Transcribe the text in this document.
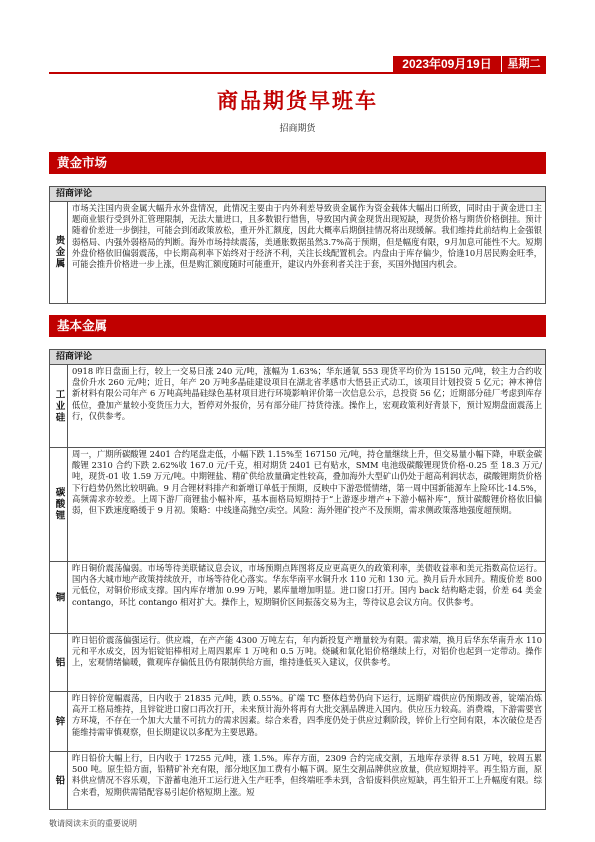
2023年09月19日	星期二
商品期货早班车
招商期货
黄金市场
招商评论
贵金属
市场关注国内贵金属大幅升水外盘情况，此情况主要由于内外利差导致贵金属作为资金载体大幅出口所致，同时由于黄金进口主题商业银行受到外汇管理限制，无法大量进口，且多数银行惜售，导致国内黄金现货出现短缺，现货价格与期货价格倒挂。预计随着价差进一步倒挂，可能会到闭政策放松，重开外汇额度，因此大概率后期倒挂情况将出现缓解。我们维持此前结构上金强银弱格局、内强外弱格局的判断。海外市场持续震荡，美通胀数据虽然3.7%高于预期，但是幅度有限，9月加息可能性不大。短期外盘价格依旧偏弱震荡，中长期高利率下始终对于经济不利，关注长线配置机会。内盘由于库存偏少，恰逢10月居民购金旺季，可能会推升价格进一步上涨，但是购汇额度随时可能重开，建议内外套利者关注于套，买国外抛国内机会。
基本金属
招商评论
工业硅
0918 昨日盘面上行，较上一交易日涨 240 元/吨，涨幅为 1.63%；华东通氧 553 现货平均价为 15150 元/吨，较主力合约收盘价升水 260 元/吨；近日，年产 20 万吨多晶硅建设项目在湖北省孝感市大悟县正式动工，该项目计划投资 5 亿元；神木神信新材料有限公司年产 6 万吨高纯晶硅绿色基材项目进行环境影响评价第一次信息公示，总投资 56 亿；近期部分硅厂考虑到库存低位，叠加产量较小变货压力大，暂停对外报价，另有部分硅厂持货待涨。操作上，宏观政策利好背景下，预计短期盘面震荡上行，仅供参考。
碳酸锂
周一，广期所碳酸锂 2401 合约尾盘走低，小幅下跌 1.15%至 167150 元/吨，持仓量继续上升，但交易量小幅下降，申联金碳酸锂 2310 合约下跌 2.62%收 167.0 元/千克，相对期货 2401 已有贴水，SMM 电池级碳酸锂现货价格-0.25 至 18.3 万元/吨，现货-01 收 1.59 万元/吨。中期锂盐、精矿供给放量确定性较高，叠加海外大型矿山仍处于超高利润状态，碳酸锂期货价格下行趋势仍然比较明确。9 月合锂材料排产和新增订单低于预期，反映中下游恐慌情绪，第一周中国新能源车上险环比-14.5%，高频需求亦较差。上周下游厂商锂盐小幅补库，基本面格局短期持于“上游逐步增产+下游小幅补库”，预计碳酸锂价格依旧偏弱，但下跌速度略缓于 9 月初。策略：中线逢高抛空/卖空。风险：海外锂矿投产不及预期，需求侧政策落地强度超预期。
铜
昨日铜价震荡偏弱。市场等待美联储议息会议，市场预期点阵图将反应更高更久的政策利率，美债收益率和美元指数高位运行。国内各大城市地产政策持续放开，市场等待化心落实。华东华南平水铜升水 110 元和 130 元。换月后升水回升。精废价差 800 元低位，对铜价形成支撑。国内库存增加 0.99 万吨，累库量增加明显。进口窗口打开。国内 back 结构略走弱，价差 64 美金 contango，环比 contango 相对扩大。操作上，短期铜价区间振荡交易为主，等待议息会议方向。仅供参考。
铝
昨日铝价震荡偏强运行。供应端，在产产能 4300 万吨左右，年内新投复产增量较为有限。需求端，换月后华东华南升水 110 元和平水成交，因为铝锭铝棒相对上周四累库 1 万吨和 0.5 万吨。烧碱和氧化铝价格继续上行，对铝价也起到一定带动。操作上，宏观情绪偏暖，微观库存偏低且仍有限制供给方面，维持逢低买入建议，仅供参考。
锌
昨日锌价宽幅震荡，日内收于 21835 元/吨，跌 0.55%。矿端 TC 整体趋势仍向下运行，远期矿端供应仍预期改善，锭端冶炼高开工格局维持，且锌锭进口窗口再次打开，未来预计海外将再有大批交割品牌进入国内。供应压力较高。消费端，下游需要官方环境，不存在一个加大大量不可抗力的需求因素。综合来看，四季度仍处于供应过剩阶段，锌价上行空间有限，本次破位是否能维持需审慎观察，但长期建议以多配为主要思路。
铅
昨日铅价大幅上行，日内收于 17255 元/吨，涨 1.5%。库存方面，2309 合约完成交割，五地库存录得 8.51 万吨，较周五累 500 吨。原生铅方面，铅精矿补充有限，部分地区加工费有小幅下调。原生交割品牌供应放量，供应短期持平。再生铅方面，原料供应情况不容乐观，下游蓄电池开工运行进入生产旺季，但终端旺季未到，含铅废料供应短缺，再生铅开工上升幅度有限。综合来看，短期供需错配容易引起价格短期上涨。短
敬请阅读末页的重要说明
